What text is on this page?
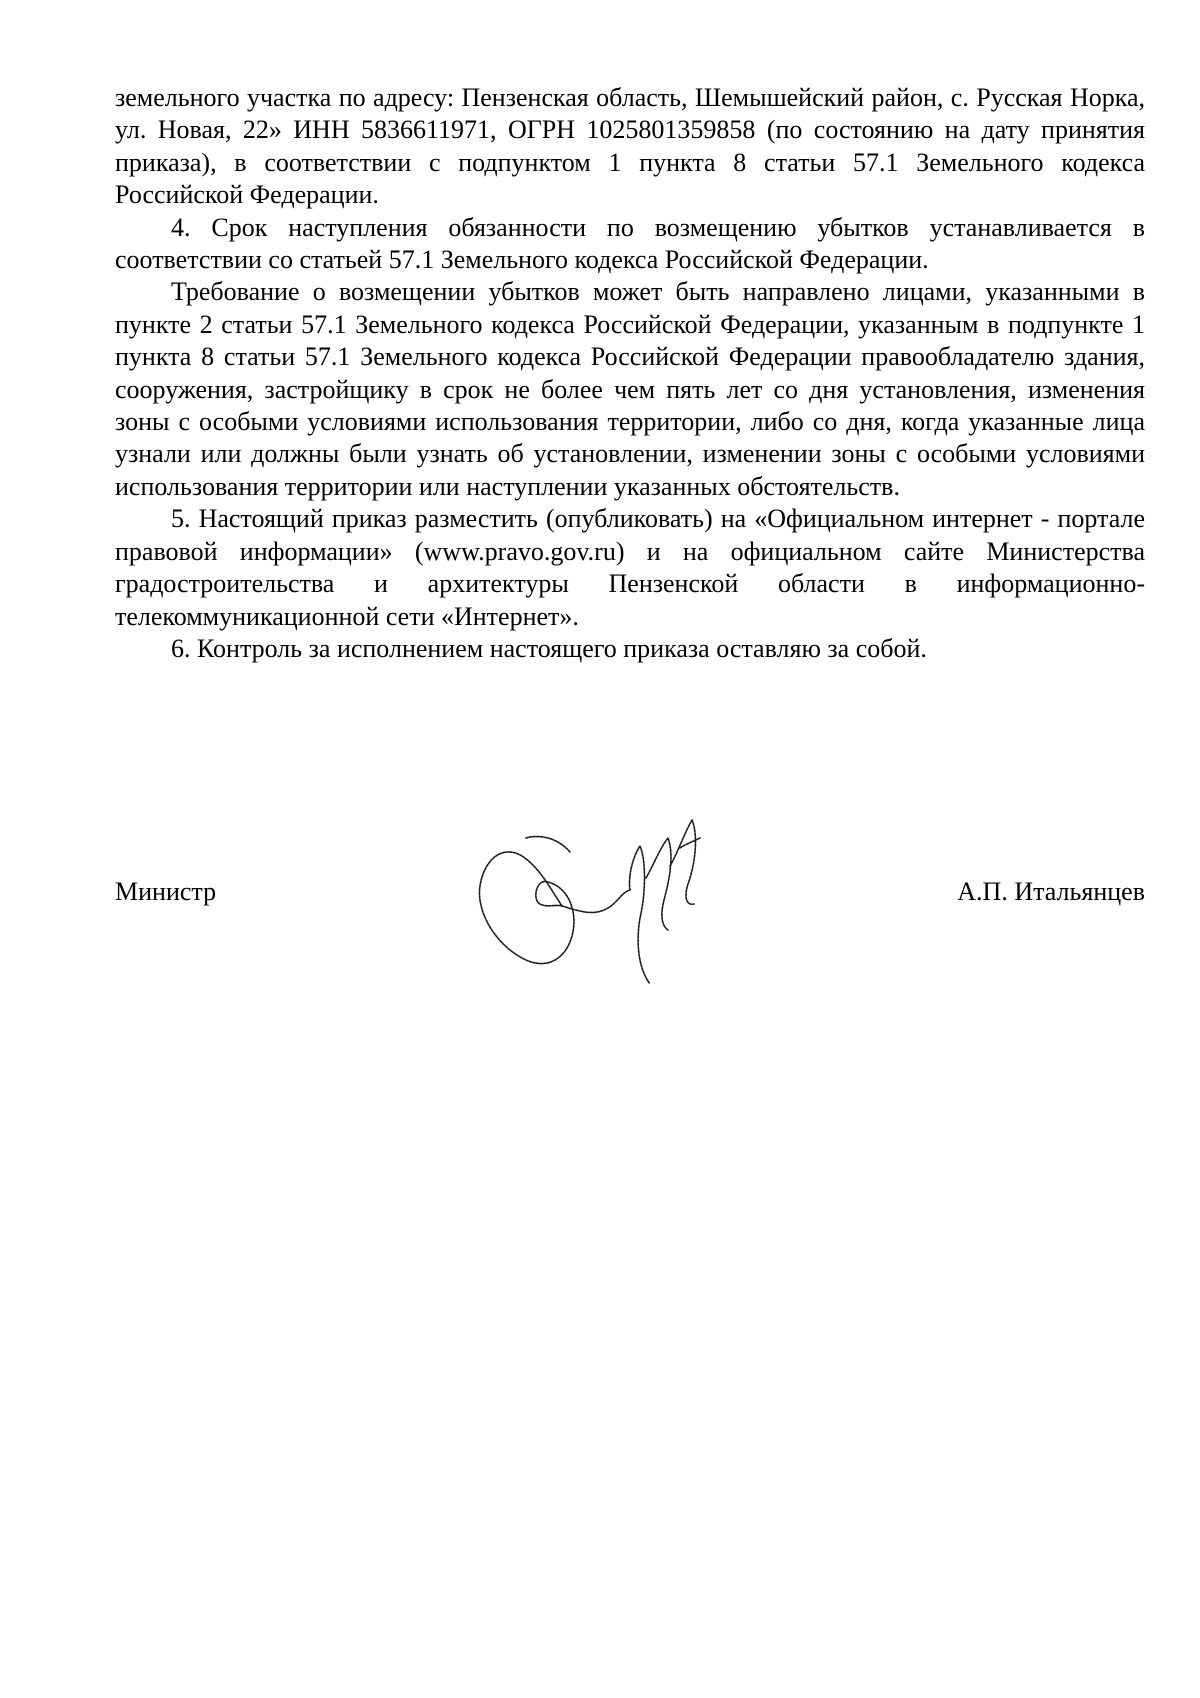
земельного участка по адресу: Пензенская область, Шемышейский район, с. Русская Норка, ул. Новая, 22» ИНН 5836611971, ОГРН 1025801359858 (по состоянию на дату принятия приказа), в соответствии с подпунктом 1 пункта 8 статьи 57.1 Земельного кодекса Российской Федерации.

4. Срок наступления обязанности по возмещению убытков устанавливается в соответствии со статьей 57.1 Земельного кодекса Российской Федерации.

Требование о возмещении убытков может быть направлено лицами, указанными в пункте 2 статьи 57.1 Земельного кодекса Российской Федерации, указанным в подпункте 1 пункта 8 статьи 57.1 Земельного кодекса Российской Федерации правообладателю здания, сооружения, застройщику в срок не более чем пять лет со дня установления, изменения зоны с особыми условиями использования территории, либо со дня, когда указанные лица узнали или должны были узнать об установлении, изменении зоны с особыми условиями использования территории или наступлении указанных обстоятельств.

5. Настоящий приказ разместить (опубликовать) на «Официальном интернет - портале правовой информации» (www.pravo.gov.ru) и на официальном сайте Министерства градостроительства и архитектуры Пензенской области в информационно-телекоммуникационной сети «Интернет».

6. Контроль за исполнением настоящего приказа оставляю за собой.

Министр	А.П. Итальянцев
